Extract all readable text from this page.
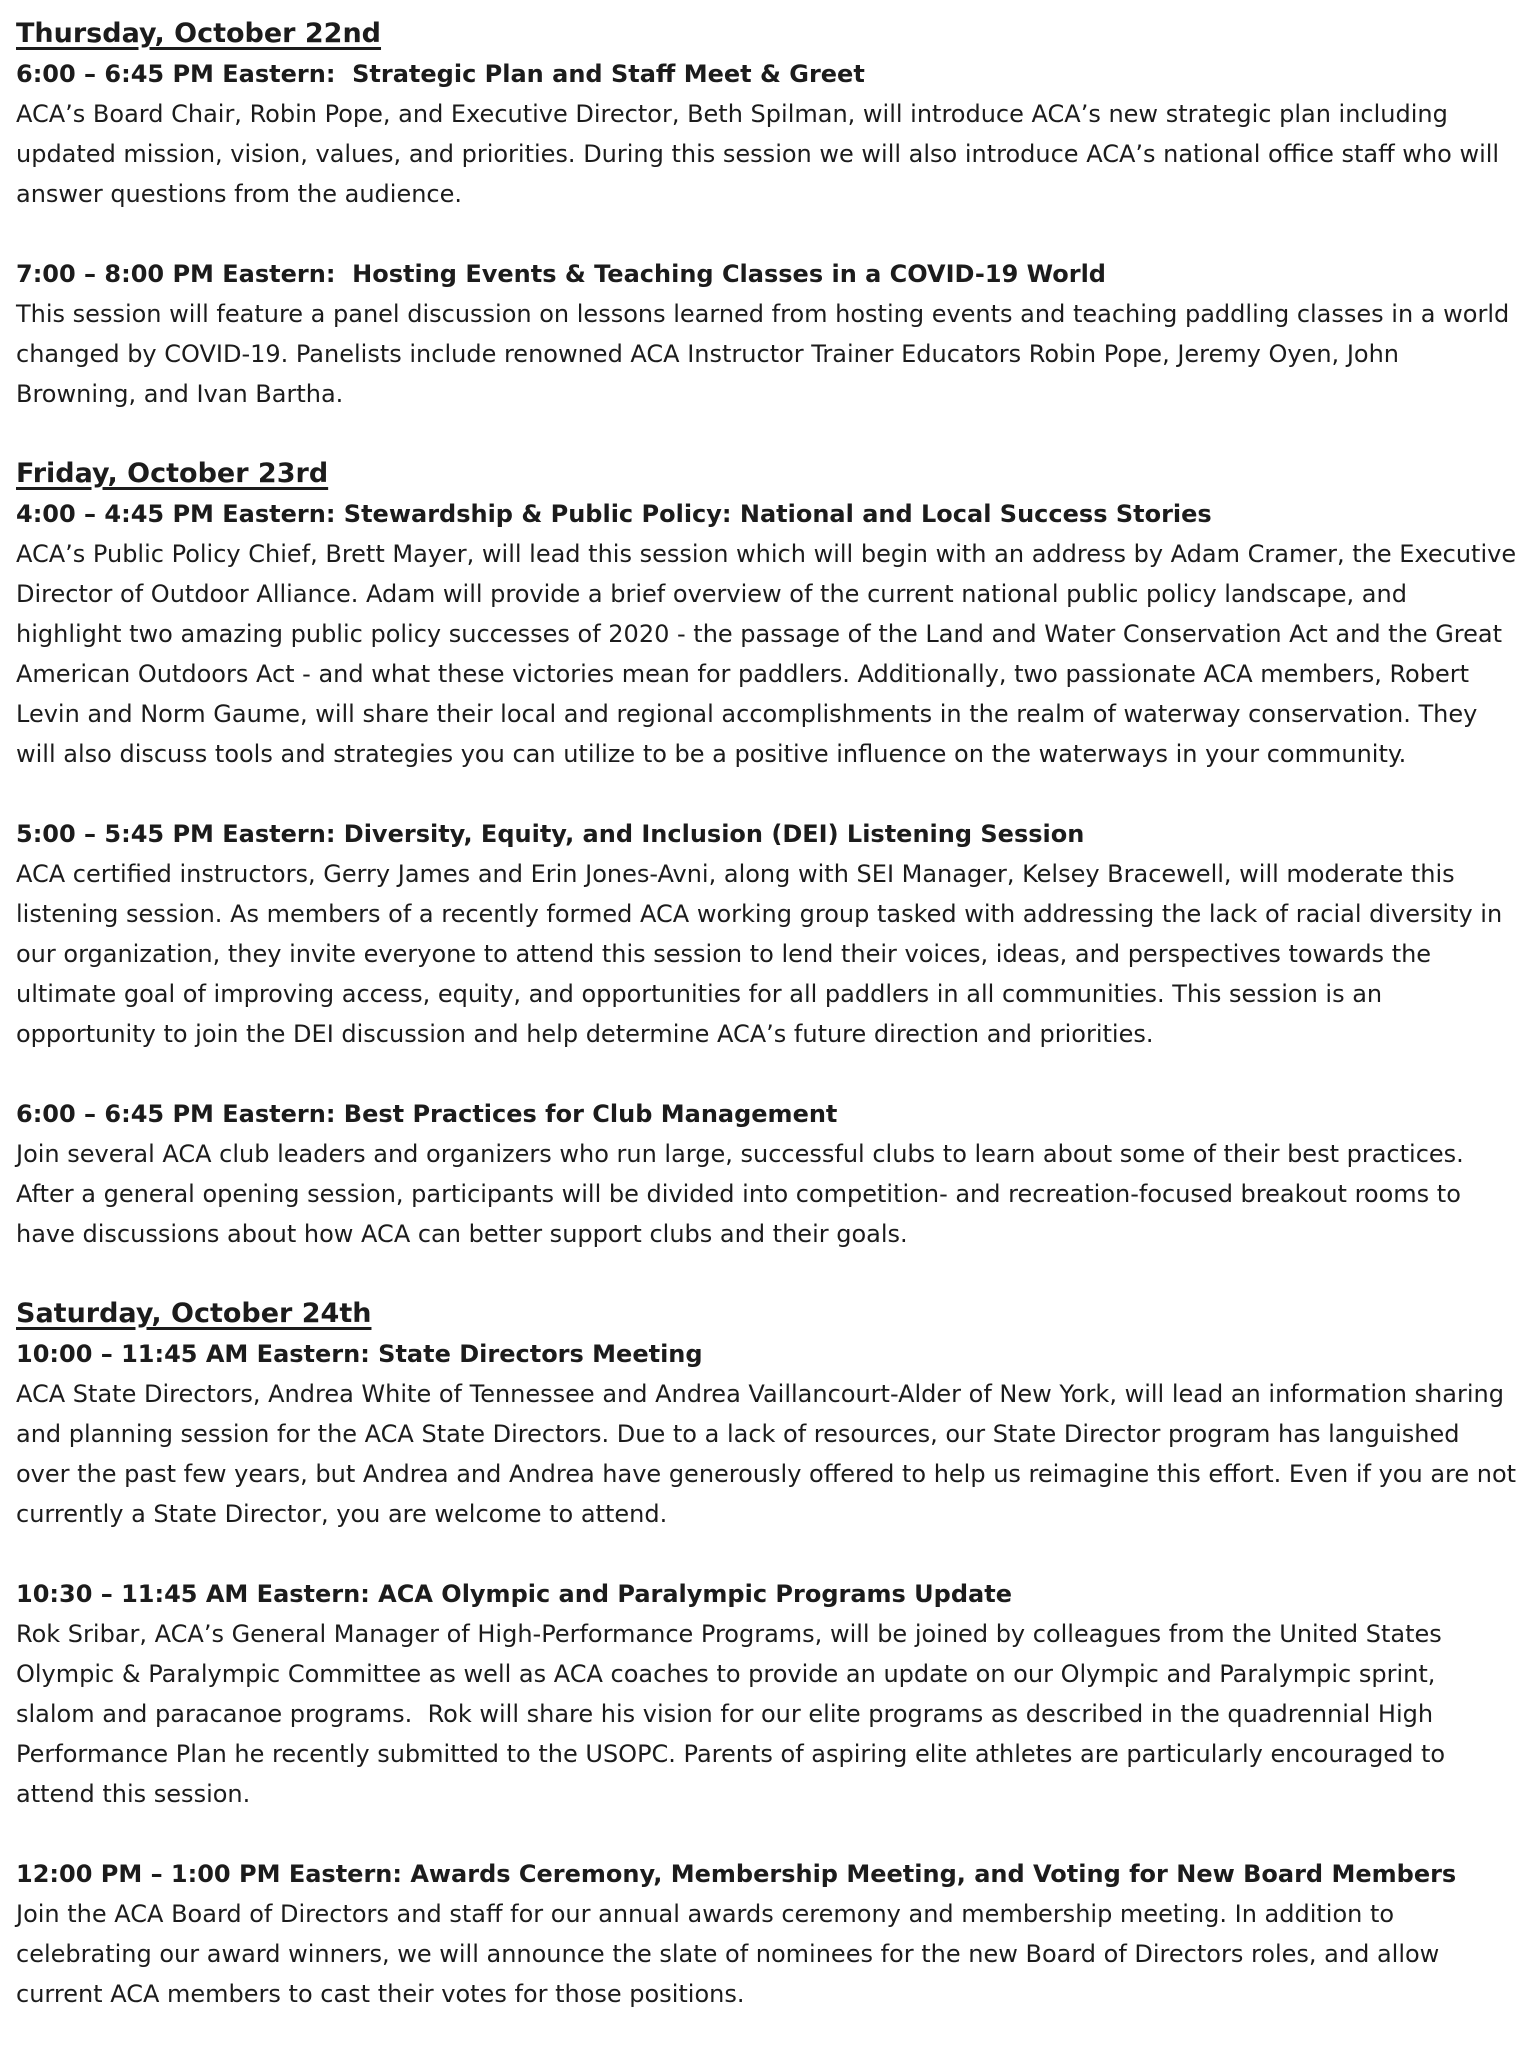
Thursday, October 22nd
6:00 – 6:45 PM Eastern:  Strategic Plan and Staff Meet & Greet

ACA’s Board Chair, Robin Pope, and Executive Director, Beth Spilman, will introduce ACA’s new strategic plan including updated mission, vision, values, and priorities. During this session we will also introduce ACA’s national office staff who will answer questions from the audience.

7:00 – 8:00 PM Eastern:  Hosting Events & Teaching Classes in a COVID-19 World

This session will feature a panel discussion on lessons learned from hosting events and teaching paddling classes in a world changed by COVID-19. Panelists include renowned ACA Instructor Trainer Educators Robin Pope, Jeremy Oyen, John Browning, and Ivan Bartha.

Friday, October 23rd
4:00 – 4:45 PM Eastern: Stewardship & Public Policy: National and Local Success Stories

ACA’s Public Policy Chief, Brett Mayer, will lead this session which will begin with an address by Adam Cramer, the Executive Director of Outdoor Alliance. Adam will provide a brief overview of the current national public policy landscape, and highlight two amazing public policy successes of 2020 - the passage of the Land and Water Conservation Act and the Great American Outdoors Act - and what these victories mean for paddlers. Additionally, two passionate ACA members, Robert Levin and Norm Gaume, will share their local and regional accomplishments in the realm of waterway conservation. They will also discuss tools and strategies you can utilize to be a positive influence on the waterways in your community.

5:00 – 5:45 PM Eastern: Diversity, Equity, and Inclusion (DEI) Listening Session

ACA certified instructors, Gerry James and Erin Jones-Avni, along with SEI Manager, Kelsey Bracewell, will moderate this listening session. As members of a recently formed ACA working group tasked with addressing the lack of racial diversity in our organization, they invite everyone to attend this session to lend their voices, ideas, and perspectives towards the ultimate goal of improving access, equity, and opportunities for all paddlers in all communities. This session is an opportunity to join the DEI discussion and help determine ACA’s future direction and priorities.

6:00 – 6:45 PM Eastern: Best Practices for Club Management

Join several ACA club leaders and organizers who run large, successful clubs to learn about some of their best practices. After a general opening session, participants will be divided into competition- and recreation-focused breakout rooms to have discussions about how ACA can better support clubs and their goals.

Saturday, October 24th
10:00 – 11:45 AM Eastern: State Directors Meeting

ACA State Directors, Andrea White of Tennessee and Andrea Vaillancourt-Alder of New York, will lead an information sharing and planning session for the ACA State Directors. Due to a lack of resources, our State Director program has languished over the past few years, but Andrea and Andrea have generously offered to help us reimagine this effort. Even if you are not currently a State Director, you are welcome to attend.

10:30 – 11:45 AM Eastern: ACA Olympic and Paralympic Programs Update

Rok Sribar, ACA’s General Manager of High-Performance Programs, will be joined by colleagues from the United States Olympic & Paralympic Committee as well as ACA coaches to provide an update on our Olympic and Paralympic sprint, slalom and paracanoe programs.  Rok will share his vision for our elite programs as described in the quadrennial High Performance Plan he recently submitted to the USOPC. Parents of aspiring elite athletes are particularly encouraged to attend this session.

12:00 PM – 1:00 PM Eastern: Awards Ceremony, Membership Meeting, and Voting for New Board Members

Join the ACA Board of Directors and staff for our annual awards ceremony and membership meeting. In addition to celebrating our award winners, we will announce the slate of nominees for the new Board of Directors roles, and allow current ACA members to cast their votes for those positions.
